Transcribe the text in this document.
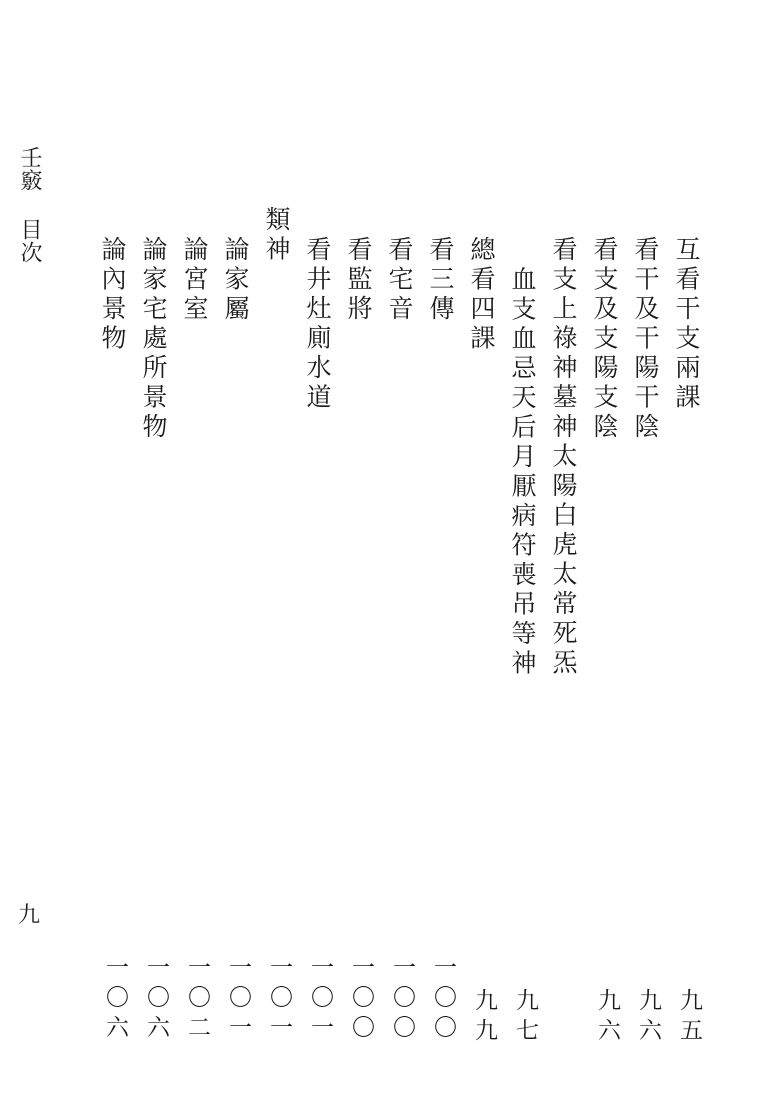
壬竅
目次
九
互看干支兩課
看干及干陽干陰
看支及支陽支陰
看支上祿神墓神太陽白虎太常死炁
血支血忌天后月厭病符喪吊等神
總看四課
看三傳
看宅音
看監將
看井灶廁水道
類神
論家屬
論宮室
論家宅處所景物
論內景物
九五
九六
九六
九七
九九
一〇〇
一〇〇
一〇〇
一〇一
一〇一
一〇一
一〇二
一〇六
一〇六
